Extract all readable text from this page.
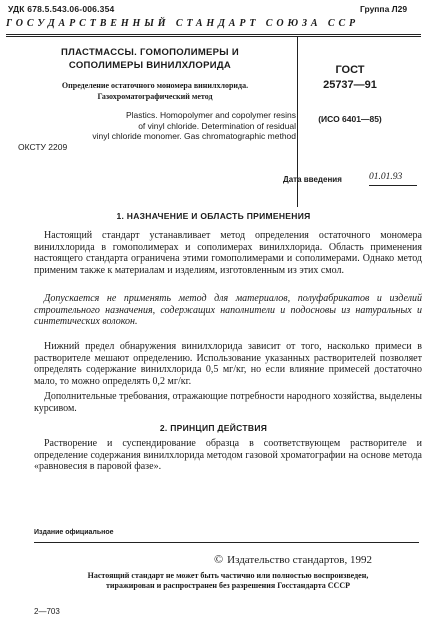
УДК 678.5.543.06-006.354	Группа Л29
ГОСУДАРСТВЕННЫЙ СТАНДАРТ СОЮЗА ССР
ПЛАСТМАССЫ. ГОМОПОЛИМЕРЫ И
СОПОЛИМЕРЫ ВИНИЛХЛОРИДА
Определение остаточного мономера винилхлорида.
Газохроматографический метод
Plastics. Homopolymer and copolymer resins
of vinyl chloride. Determination of residual
vinyl chloride monomer. Gas chromatographic method
ОКСТУ 2209
ГОСТ
25737—91
(ИСО 6401—85)
Дата введения	01.01.93
1. НАЗНАЧЕНИЕ И ОБЛАСТЬ ПРИМЕНЕНИЯ
Настоящий стандарт устанавливает метод определения остаточного мономера винилхлорида в гомополимерах и сополимерах винилхлорида. Область применения настоящего стандарта ограничена этими гомополимерами и сополимерами. Однако метод применим также к материалам и изделиям, изготовленным из этих смол.
Допускается не применять метод для материалов, полуфабрикатов и изделий строительного назначения, содержащих наполнители и подосновы из натуральных и синтетических волокон.
Нижний предел обнаружения винилхлорида зависит от того, насколько примеси в растворителе мешают определению. Использование указанных растворителей позволяет определять содержание винилхлорида 0,5 мг/кг, но если влияние примесей достаточно мало, то можно определять 0,2 мг/кг.
Дополнительные требования, отражающие потребности народного хозяйства, выделены курсивом.
2. ПРИНЦИП ДЕЙСТВИЯ
Растворение и суспендирование образца в соответствующем растворителе и определение содержания винилхлорида методом газовой хроматографии на основе метода «равновесия в паровой фазе».
Издание официальное
© Издательство стандартов, 1992
Настоящий стандарт не может быть частично или полностью воспроизведен,
тиражирован и распространен без разрешения Госстандарта СССР
2—703
